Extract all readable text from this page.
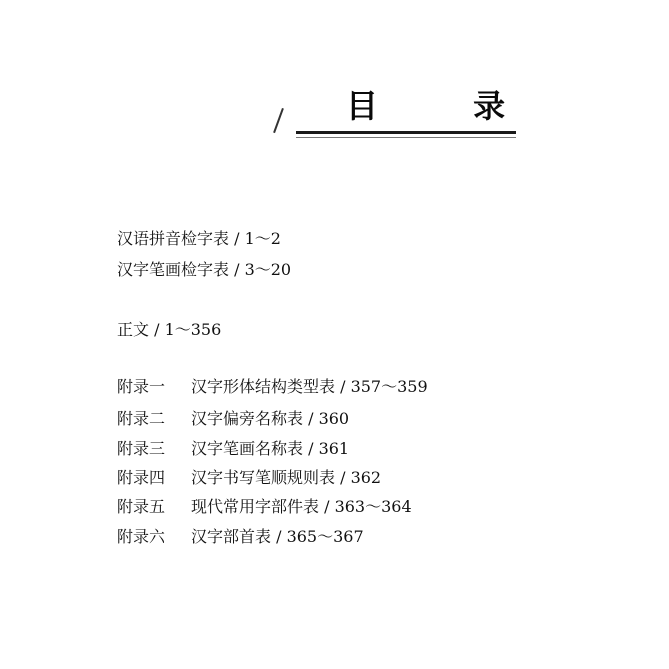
目 录
汉语拼音检字表 / 1～2
汉字笔画检字表 / 3～20
正文 / 1～356
附录一 汉字形体结构类型表 / 357～359
附录二 汉字偏旁名称表 / 360
附录三 汉字笔画名称表 / 361
附录四 汉字书写笔顺规则表 / 362
附录五 现代常用字部件表 / 363～364
附录六 汉字部首表 / 365～367
